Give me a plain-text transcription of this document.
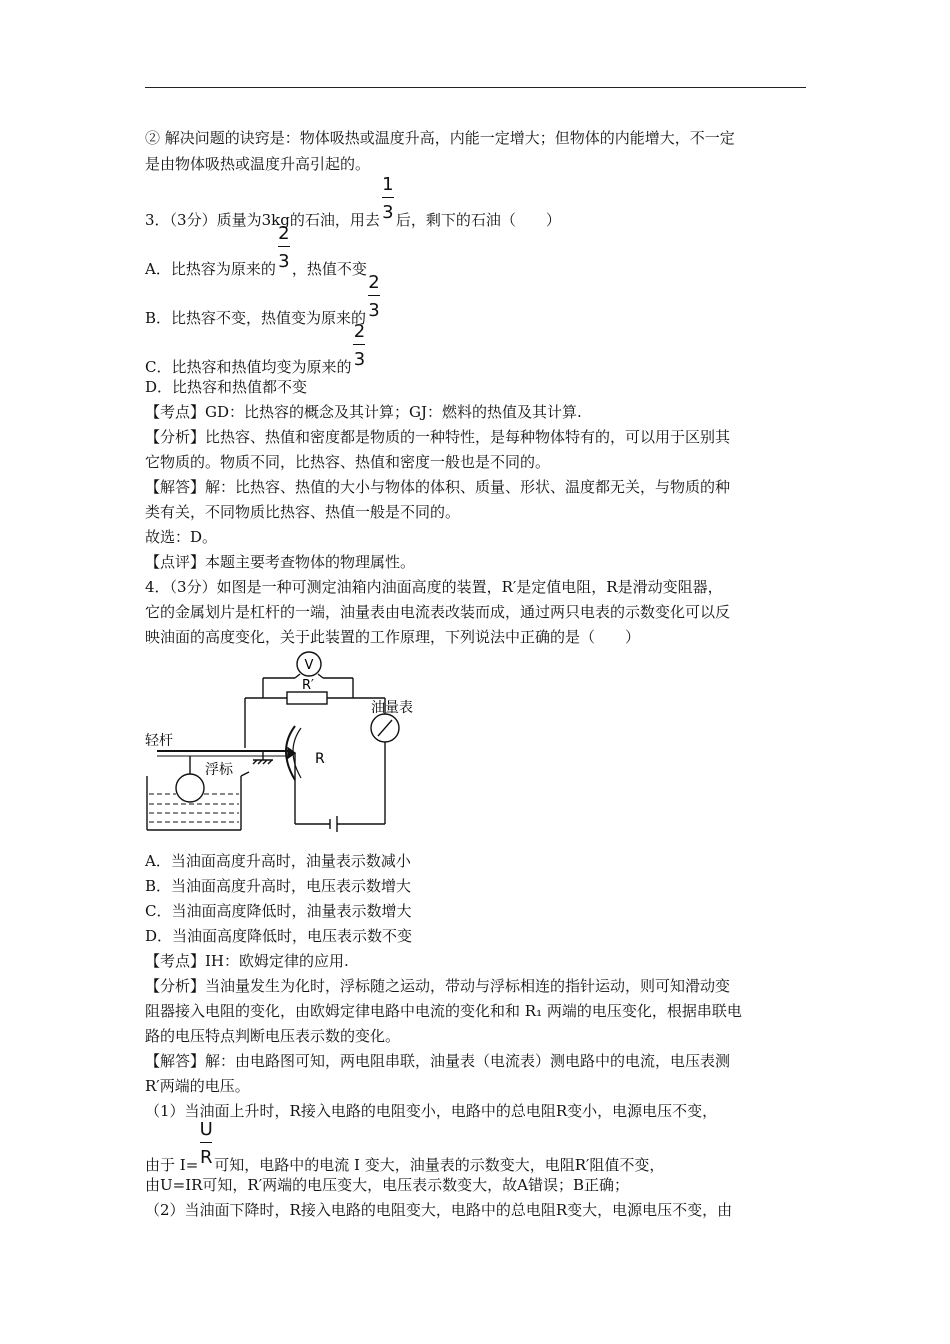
② 解决问题的诀窍是：物体吸热或温度升高，内能一定增大；但物体的内能增大，不一定
是由物体吸热或温度升高引起的。
3．（3分）质量为3kg的石油，用去 $\frac{1}{3}$ 后，剩下的石油（　　）
A．比热容为原来的 $\frac{2}{3}$ ，热值不变
B．比热容不变，热值变为原来的 $\frac{2}{3}$
C．比热容和热值均变为原来的 $\frac{2}{3}$
D．比热容和热值都不变
【考点】GD：比热容的概念及其计算；GJ：燃料的热值及其计算.
【分析】比热容、热值和密度都是物质的一种特性，是每种物体特有的，可以用于区别其
它物质的。物质不同，比热容、热值和密度一般也是不同的。
【解答】解：比热容、热值的大小与物体的体积、质量、形状、温度都无关，与物质的种
类有关，不同物质比热容、热值一般是不同的。
故选：D。
【点评】本题主要考查物体的物理属性。
4．（3分）如图是一种可测定油箱内油面高度的装置，R′是定值电阻，R是滑动变阻器，
它的金属划片是杠杆的一端，油量表由电流表改装而成，通过两只电表的示数变化可以反
映油面的高度变化，关于此装置的工作原理，下列说法中正确的是（　　）
A．当油面高度升高时，油量表示数减小
B．当油面高度升高时，电压表示数增大
C．当油面高度降低时，油量表示数增大
D．当油面高度降低时，电压表示数不变
【考点】IH：欧姆定律的应用.
【分析】当油量发生为化时，浮标随之运动，带动与浮标相连的指针运动，则可知滑动变
阻器接入电阻的变化，由欧姆定律电路中电流的变化和和 R₁ 两端的电压变化，根据串联电
路的电压特点判断电压表示数的变化。
【解答】解：由电路图可知，两电阻串联，油量表（电流表）测电路中的电流，电压表测
R′两端的电压。
（1）当油面上升时，R接入电路的电阻变小，电路中的总电阻R变小，电源电压不变，
由于 $I= \frac{U}{R}$ 可知，电路中的电流 I 变大，油量表的示数变大，电阻R′阻值不变，
由U=IR可知，R′两端的电压变大，电压表示数变大，故A错误；B正确；
（2）当油面下降时，R接入电路的电阻变大，电路中的总电阻R变大，电源电压不变，由
V
R′
R
油量表
轻杆
浮标
